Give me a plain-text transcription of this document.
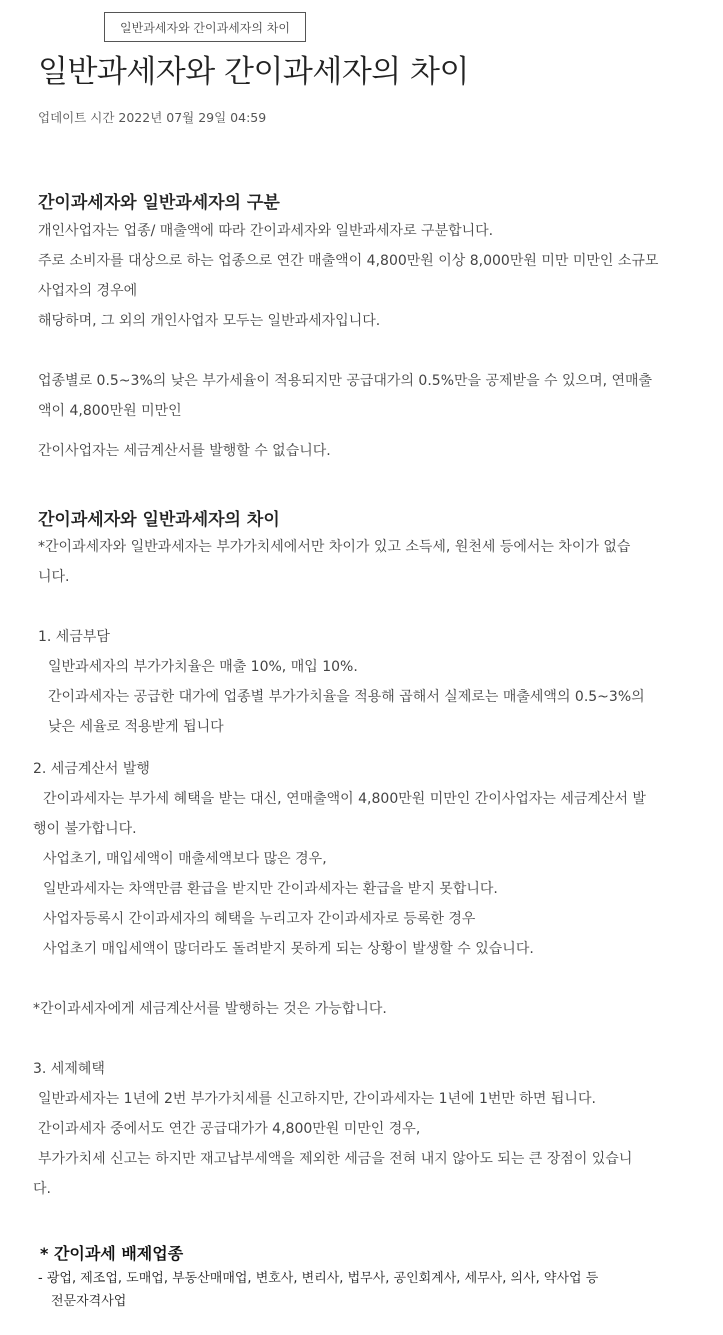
일반과세자와 간이과세자의 차이
일반과세자와 간이과세자의 차이
업데이트 시간 2022년 07월 29일 04:59
간이과세자와 일반과세자의 구분
개인사업자는 업종/ 매출액에 따라 간이과세자와 일반과세자로 구분합니다.
주로 소비자를 대상으로 하는 업종으로 연간 매출액이 4,800만원 이상 8,000만원 미만 미만인 소규모
사업자의 경우에
해당하며, 그 외의 개인사업자 모두는 일반과세자입니다.
업종별로 0.5~3%의 낮은 부가세율이 적용되지만 공급대가의 0.5%만을 공제받을 수 있으며, 연매출
액이 4,800만원 미만인
간이사업자는 세금계산서를 발행할 수 없습니다.
간이과세자와 일반과세자의 차이
*간이과세자와 일반과세자는 부가가치세에서만 차이가 있고 소득세, 원천세 등에서는 차이가 없습
니다.
1. 세금부담
일반과세자의 부가가치율은 매출 10%, 매입 10%.
간이과세자는 공급한 대가에 업종별 부가가치율을 적용해 곱해서 실제로는 매출세액의 0.5~3%의
낮은 세율로 적용받게 됩니다
2. 세금계산서 발행
간이과세자는 부가세 혜택을 받는 대신, 연매출액이 4,800만원 미만인 간이사업자는 세금계산서 발
행이 불가합니다.
사업초기, 매입세액이 매출세액보다 많은 경우,
일반과세자는 차액만큼 환급을 받지만 간이과세자는 환급을 받지 못합니다.
사업자등록시 간이과세자의 혜택을 누리고자 간이과세자로 등록한 경우
사업초기 매입세액이 많더라도 돌려받지 못하게 되는 상황이 발생할 수 있습니다.
*간이과세자에게 세금계산서를 발행하는 것은 가능합니다.
3. 세제혜택
일반과세자는 1년에 2번 부가가치세를 신고하지만, 간이과세자는 1년에 1번만 하면 됩니다.
간이과세자 중에서도 연간 공급대가가 4,800만원 미만인 경우,
부가가치세 신고는 하지만 재고납부세액을 제외한 세금을 전혀 내지 않아도 되는 큰 장점이 있습니
다.
* 간이과세 배제업종
- 광업, 제조업, 도매업, 부동산매매업, 변호사, 변리사, 법무사, 공인회계사, 세무사, 의사, 약사업 등
전문자격사업
